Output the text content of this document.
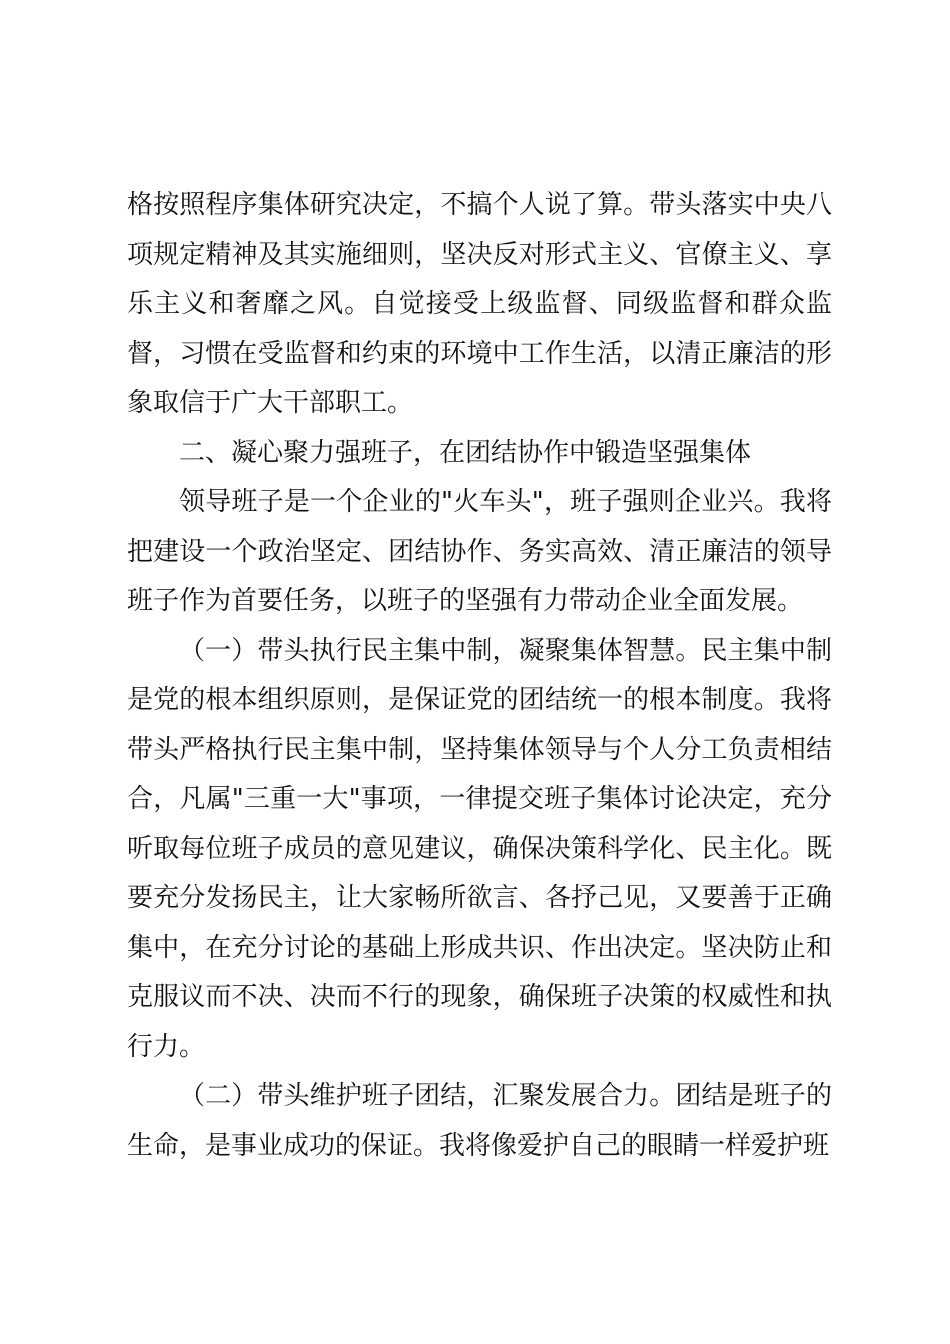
格按照程序集体研究决定，不搞个人说了算。带头落实中央八
项规定精神及其实施细则，坚决反对形式主义、官僚主义、享
乐主义和奢靡之风。自觉接受上级监督、同级监督和群众监
督，习惯在受监督和约束的环境中工作生活，以清正廉洁的形
象取信于广大干部职工。
二、凝心聚力强班子，在团结协作中锻造坚强集体
领导班子是一个企业的"火车头"，班子强则企业兴。我将
把建设一个政治坚定、团结协作、务实高效、清正廉洁的领导
班子作为首要任务，以班子的坚强有力带动企业全面发展。
（一）带头执行民主集中制，凝聚集体智慧。民主集中制
是党的根本组织原则，是保证党的团结统一的根本制度。我将
带头严格执行民主集中制，坚持集体领导与个人分工负责相结
合，凡属"三重一大"事项，一律提交班子集体讨论决定，充分
听取每位班子成员的意见建议，确保决策科学化、民主化。既
要充分发扬民主，让大家畅所欲言、各抒己见，又要善于正确
集中，在充分讨论的基础上形成共识、作出决定。坚决防止和
克服议而不决、决而不行的现象，确保班子决策的权威性和执
行力。
（二）带头维护班子团结，汇聚发展合力。团结是班子的
生命，是事业成功的保证。我将像爱护自己的眼睛一样爱护班
